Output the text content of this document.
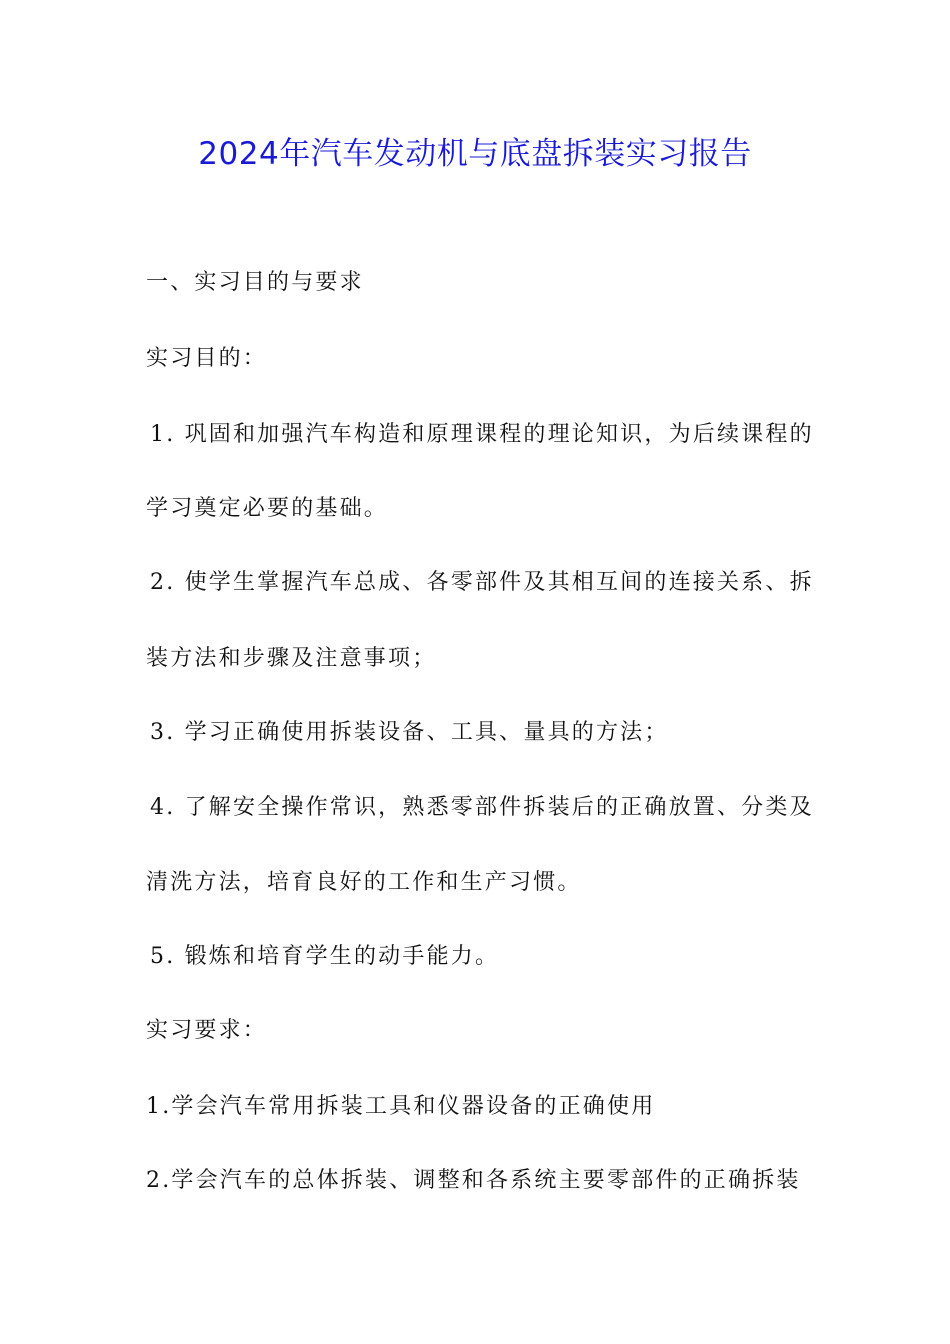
2024年汽车发动机与底盘拆装实习报告
一、实习目的与要求
实习目的：
1. 巩固和加强汽车构造和原理课程的理论知识，为后续课程的
学习奠定必要的基础。
2. 使学生掌握汽车总成、各零部件及其相互间的连接关系、拆
装方法和步骤及注意事项；
3. 学习正确使用拆装设备、工具、量具的方法；
4. 了解安全操作常识，熟悉零部件拆装后的正确放置、分类及
清洗方法，培育良好的工作和生产习惯。
5. 锻炼和培育学生的动手能力。
实习要求：
1.学会汽车常用拆装工具和仪器设备的正确使用
2.学会汽车的总体拆装、调整和各系统主要零部件的正确拆装
